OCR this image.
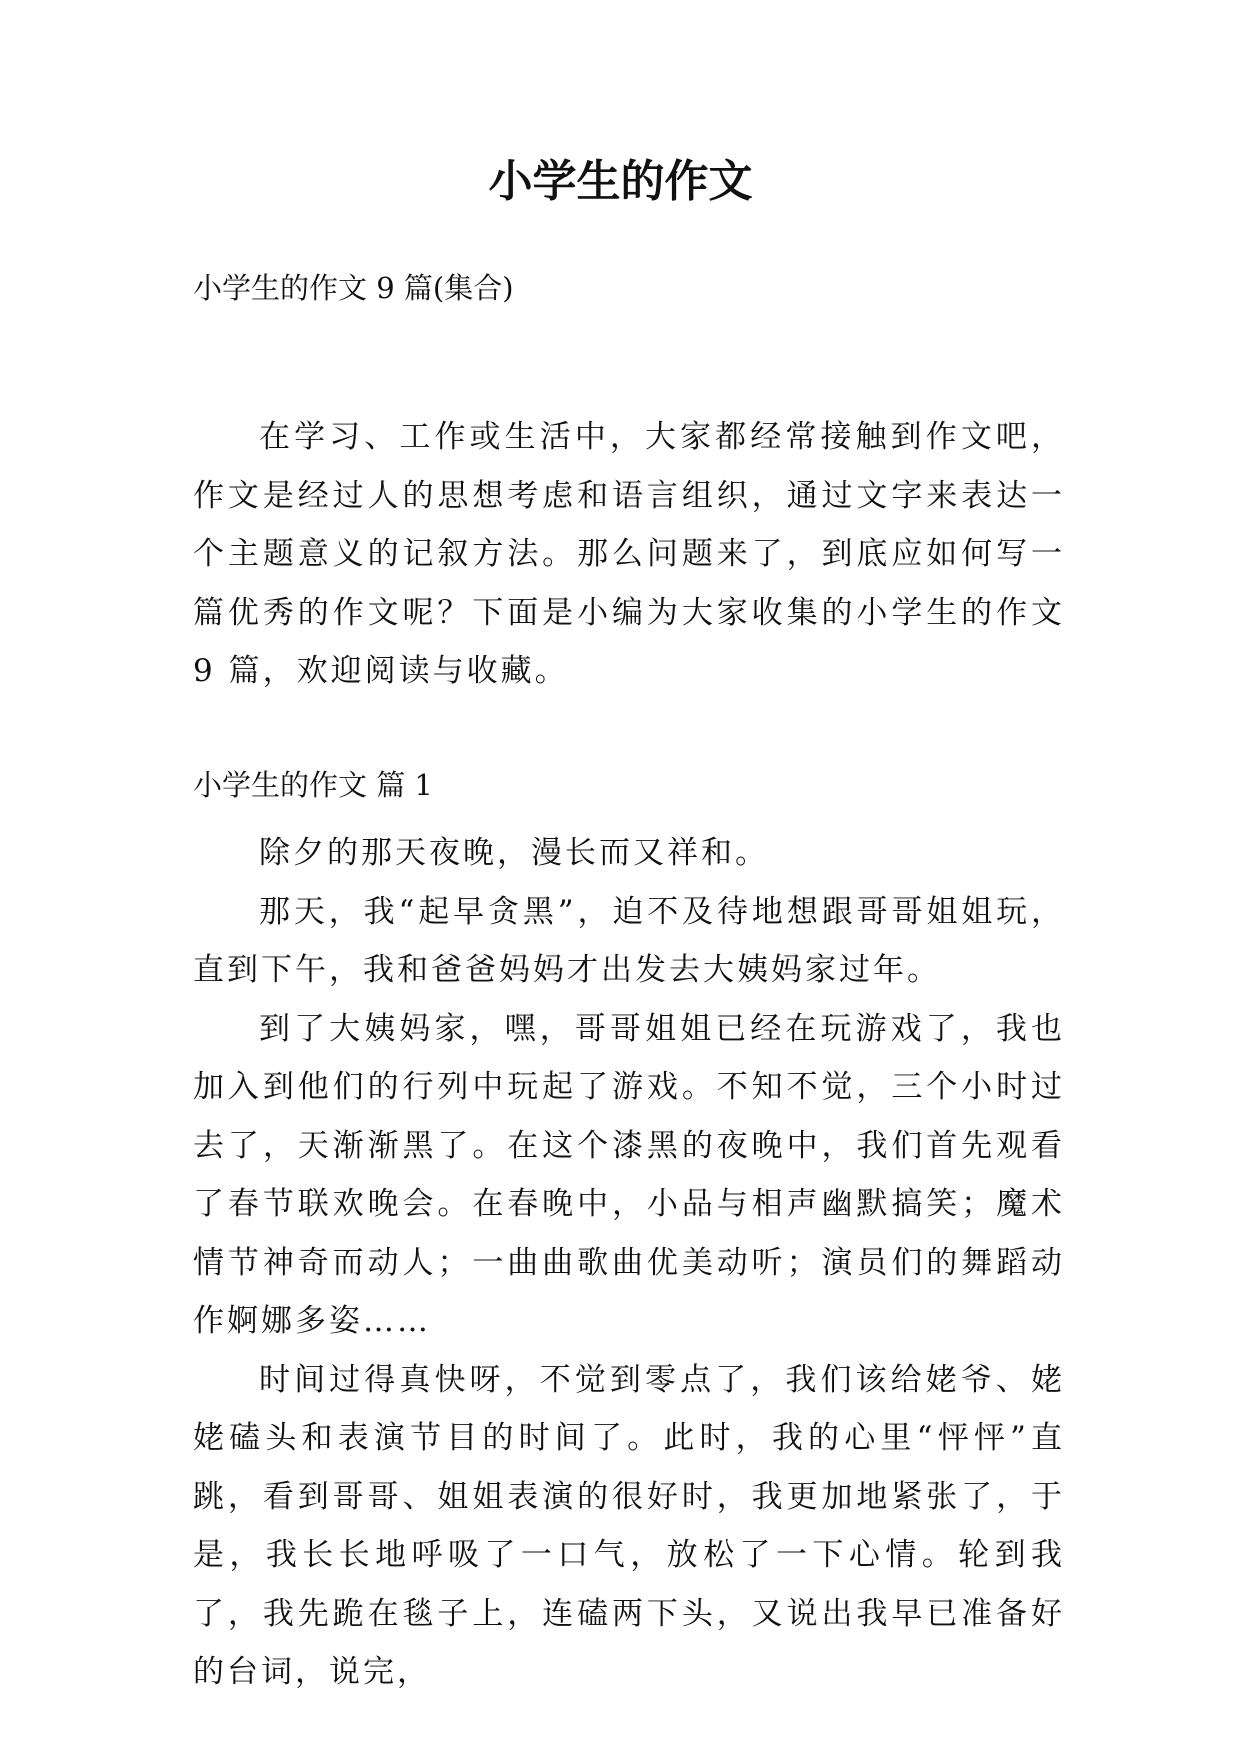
小学生的作文
小学生的作文 9 篇(集合)

在学习、工作或生活中，大家都经常接触到作文吧，作文是经过人的思想考虑和语言组织，通过文字来表达一个主题意义的记叙方法。那么问题来了，到底应如何写一篇优秀的作文呢？下面是小编为大家收集的小学生的作文 9 篇，欢迎阅读与收藏。

小学生的作文 篇 1

除夕的那天夜晚，漫长而又祥和。

那天，我“起早贪黑”，迫不及待地想跟哥哥姐姐玩，直到下午，我和爸爸妈妈才出发去大姨妈家过年。

到了大姨妈家，嘿，哥哥姐姐已经在玩游戏了，我也加入到他们的行列中玩起了游戏。不知不觉，三个小时过去了，天渐渐黑了。在这个漆黑的夜晚中，我们首先观看了春节联欢晚会。在春晚中，小品与相声幽默搞笑；魔术情节神奇而动人；一曲曲歌曲优美动听；演员们的舞蹈动作婀娜多姿……

时间过得真快呀，不觉到零点了，我们该给姥爷、姥姥磕头和表演节目的时间了。此时，我的心里“怦怦”直跳，看到哥哥、姐姐表演的很好时，我更加地紧张了，于是，我长长地呼吸了一口气，放松了一下心情。轮到我了，我先跪在毯子上，连磕两下头，又说出我早已准备好的台词，说完，
